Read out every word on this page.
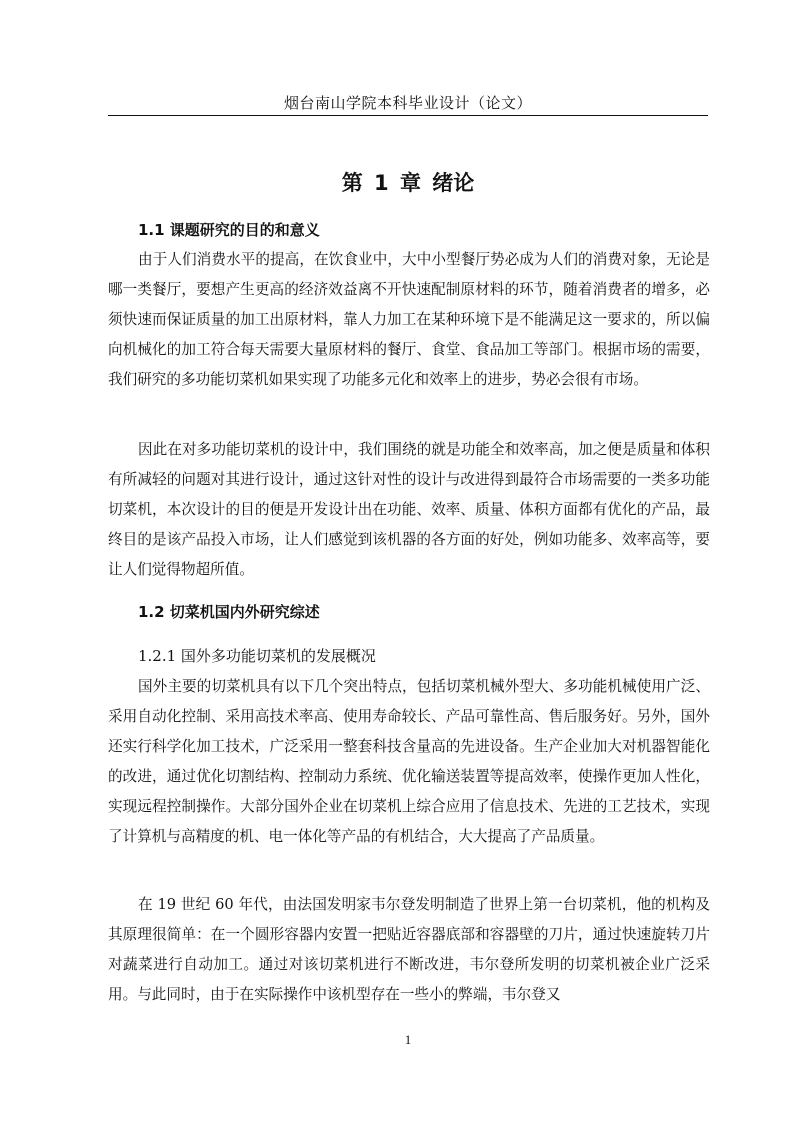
烟台南山学院本科毕业设计（论文）
第 1 章 绪论
1.1 课题研究的目的和意义

由于人们消费水平的提高，在饮食业中，大中小型餐厅势必成为人们的消费对象，无论是哪一类餐厅，要想产生更高的经济效益离不开快速配制原材料的环节，随着消费者的增多，必须快速而保证质量的加工出原材料，靠人力加工在某种环境下是不能满足这一要求的，所以偏向机械化的加工符合每天需要大量原材料的餐厅、食堂、食品加工等部门。根据市场的需要，我们研究的多功能切菜机如果实现了功能多元化和效率上的进步，势必会很有市场。

因此在对多功能切菜机的设计中，我们围绕的就是功能全和效率高，加之便是质量和体积有所减轻的问题对其进行设计，通过这针对性的设计与改进得到最符合市场需要的一类多功能切菜机，本次设计的目的便是开发设计出在功能、效率、质量、体积方面都有优化的产品，最终目的是该产品投入市场，让人们感觉到该机器的各方面的好处，例如功能多、效率高等，要让人们觉得物超所值。

1.2 切菜机国内外研究综述
1.2.1 国外多功能切菜机的发展概况

国外主要的切菜机具有以下几个突出特点，包括切菜机械外型大、多功能机械使用广泛、采用自动化控制、采用高技术率高、使用寿命较长、产品可靠性高、售后服务好。另外，国外还实行科学化加工技术，广泛采用一整套科技含量高的先进设备。生产企业加大对机器智能化的改进，通过优化切割结构、控制动力系统、优化输送装置等提高效率，使操作更加人性化，实现远程控制操作。大部分国外企业在切菜机上综合应用了信息技术、先进的工艺技术，实现了计算机与高精度的机、电一体化等产品的有机结合，大大提高了产品质量。

在 19 世纪 60 年代，由法国发明家韦尔登发明制造了世界上第一台切菜机，他的机构及其原理很简单：在一个圆形容器内安置一把贴近容器底部和容器壁的刀片，通过快速旋转刀片对蔬菜进行自动加工。通过对该切菜机进行不断改进，韦尔登所发明的切菜机被企业广泛采用。与此同时，由于在实际操作中该机型存在一些小的弊端，韦尔登又

1
